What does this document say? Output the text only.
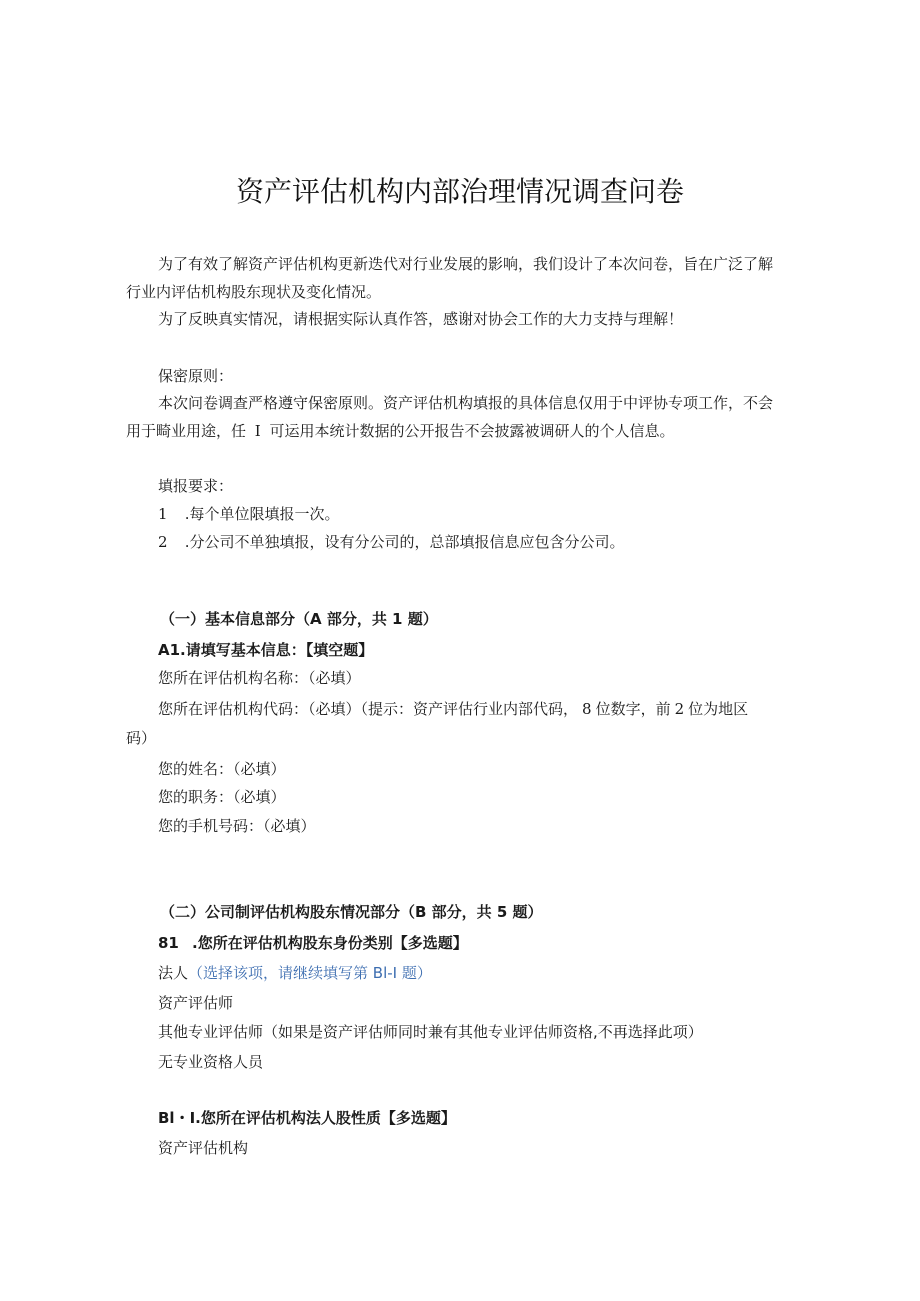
资产评估机构内部治理情况调查问卷
为了有效了解资产评估机构更新迭代对行业发展的影响，我们设计了本次问卷，旨在广泛了解
行业内评估机构股东现状及变化情况。
为了反映真实情况，请根据实际认真作答，感谢对协会工作的大力支持与理解！
保密原则：
本次问卷调查严格遵守保密原则。资产评估机构填报的具体信息仅用于中评协专项工作，不会
用于畸业用途，任 I 可运用本统计数据的公开报告不会披露被调研人的个人信息。
填报要求：
1 .每个单位限填报一次。
2 .分公司不单独填报，设有分公司的，总部填报信息应包含分公司。
（一）基本信息部分（A 部分，共 1 题）
A1.请填写基本信息：【填空题】
您所在评估机构名称：（必填）
您所在评估机构代码：（必填）（提示：资产评估行业内部代码， 8 位数字，前 2 位为地区
码）
您的姓名：（必填）
您的职务：（必填）
您的手机号码：（必填）
（二）公司制评估机构股东情况部分（B 部分，共 5 题）
81 .您所在评估机构股东身份类别【多选题】
法人（选择该项，请继续填写第 Bl-I 题）
资产评估师
其他专业评估师（如果是资产评估师同时兼有其他专业评估师资格,不再选择此项）
无专业资格人员
Bl・I.您所在评估机构法人股性质【多选题】
资产评估机构
